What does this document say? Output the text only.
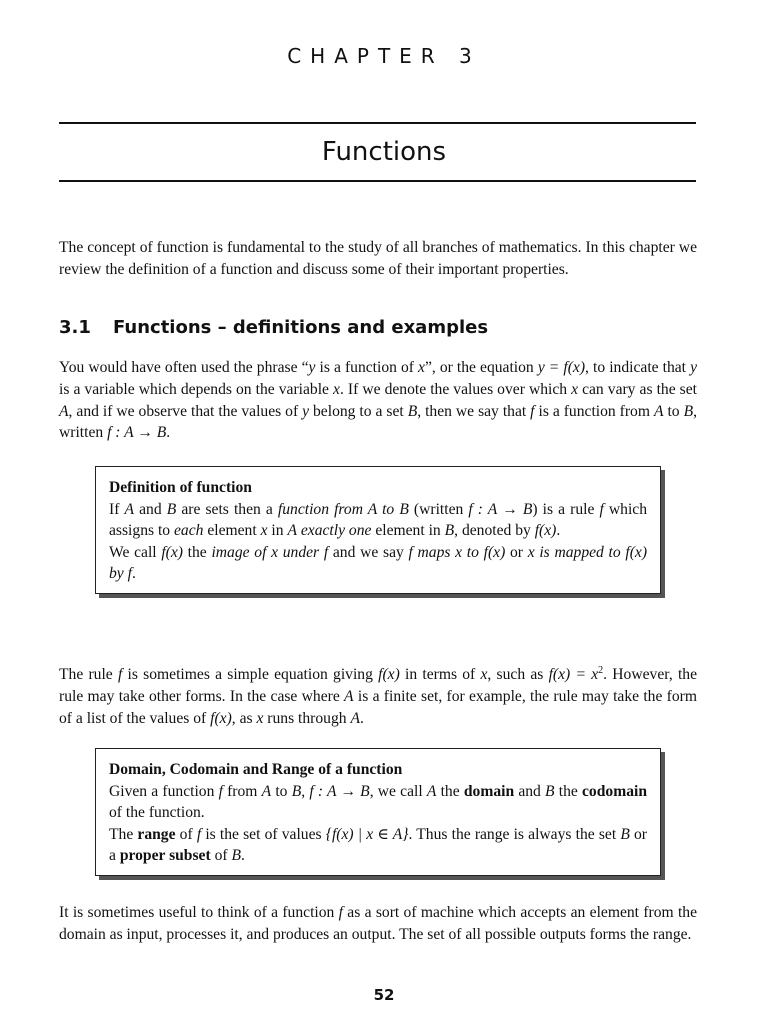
CHAPTER 3
Functions

The concept of function is fundamental to the study of all branches of mathematics. In this chapter we review the definition of a function and discuss some of their important properties.

3.1 Functions – definitions and examples

You would have often used the phrase “y is a function of x”, or the equation y = f(x), to indicate that y is a variable which depends on the variable x. If we denote the values over which x can vary as the set A, and if we observe that the values of y belong to a set B, then we say that f is a function from A to B, written f : A → B.

Definition of function

If A and B are sets then a function from A to B (written f : A → B) is a rule f which assigns to each element x in A exactly one element in B, denoted by f(x).

We call f(x) the image of x under f and we say f maps x to f(x) or x is mapped to f(x) by f.

The rule f is sometimes a simple equation giving f(x) in terms of x, such as $f(x) = x^2$. However, the rule may take other forms. In the case where A is a finite set, for example, the rule may take the form of a list of the values of f(x), as x runs through A.

Domain, Codomain and Range of a function

Given a function f from A to B, f : A → B, we call A the domain and B the codomain of the function.

The range of f is the set of values {f(x) | x ∈ A}. Thus the range is always the set B or a proper subset of B.

It is sometimes useful to think of a function f as a sort of machine which accepts an element from the domain as input, processes it, and produces an output. The set of all possible outputs forms the range.

52
